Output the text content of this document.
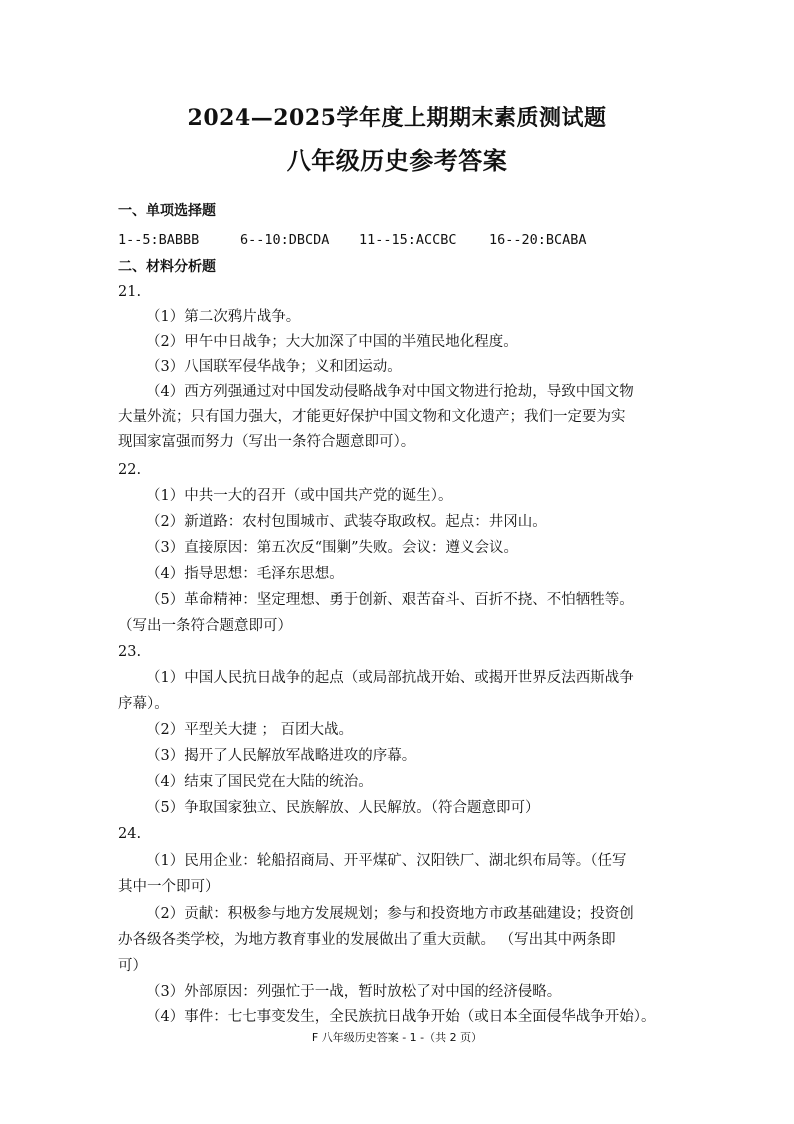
2024—2025学年度上期期末素质测试题
八年级历史参考答案
一、单项选择题
1--5:BABBB	6--10:DBCDA 11--15:ACCBC 16--20:BCABA
二、材料分析题
21.
（1）第二次鸦片战争。
（2）甲午中日战争；大大加深了中国的半殖民地化程度。
（3）八国联军侵华战争；义和团运动。
（4）西方列强通过对中国发动侵略战争对中国文物进行抢劫，导致中国文物
大量外流；只有国力强大，才能更好保护中国文物和文化遗产；我们一定要为实
现国家富强而努力（写出一条符合题意即可）。
22.
（1）中共一大的召开（或中国共产党的诞生）。
（2）新道路：农村包围城市、武装夺取政权。起点：井冈山。
（3）直接原因：第五次反“围剿”失败。会议：遵义会议。
（4）指导思想：毛泽东思想。
（5）革命精神：坚定理想、勇于创新、艰苦奋斗、百折不挠、不怕牺牲等。
（写出一条符合题意即可）
23.
（1）中国人民抗日战争的起点（或局部抗战开始、或揭开世界反法西斯战争
序幕）。
（2）平型关大捷 ； 百团大战。
（3）揭开了人民解放军战略进攻的序幕。
（4）结束了国民党在大陆的统治。
（5）争取国家独立、民族解放、人民解放。（符合题意即可）
24.
（1）民用企业：轮船招商局、开平煤矿、汉阳铁厂、湖北织布局等。（任写
其中一个即可）
（2）贡献：积极参与地方发展规划；参与和投资地方市政基础建设；投资创
办各级各类学校，为地方教育事业的发展做出了重大贡献。 （写出其中两条即
可）
（3）外部原因：列强忙于一战，暂时放松了对中国的经济侵略。
（4）事件：七七事变发生，全民族抗日战争开始（或日本全面侵华战争开始）。
F 八年级历史答案 - 1 -（共 2 页）
